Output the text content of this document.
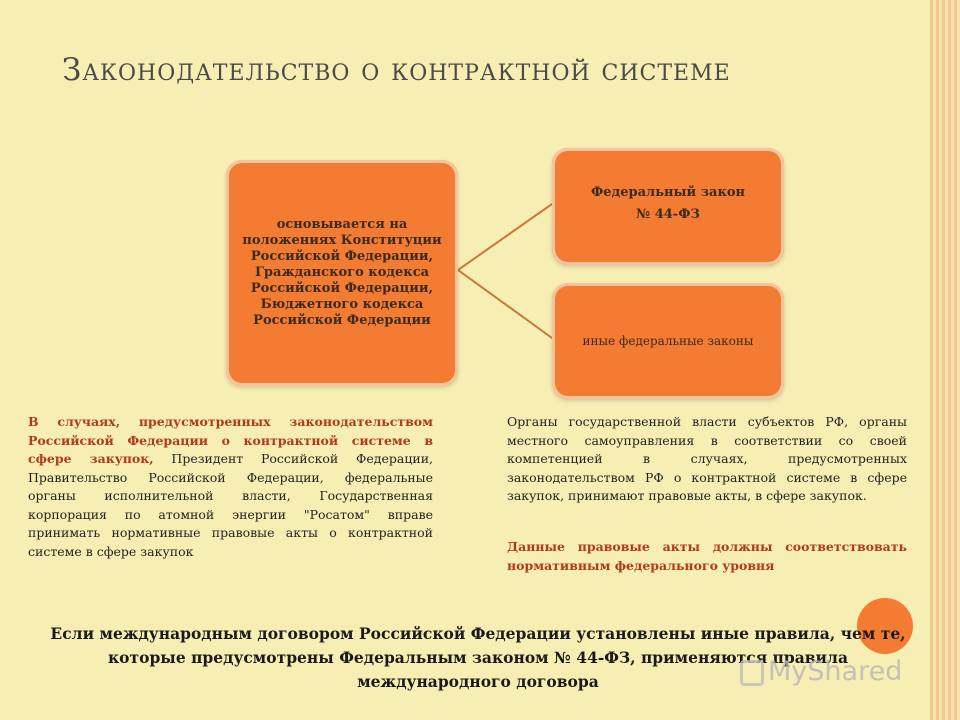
Законодательство о контрактной системе
основывается на положениях Конституции Российской Федерации, Гражданского кодекса Российской Федерации, Бюджетного кодекса Российской Федерации
Федеральный закон
№ 44-ФЗ
иные федеральные законы

В случаях, предусмотренных законодательством Российской Федерации о контрактной системе в сфере закупок, Президент Российской Федерации, Правительство Российской Федерации, федеральные органы исполнительной власти, Государственная корпорация по атомной энергии "Росатом" вправе принимать нормативные правовые акты о контрактной системе в сфере закупок

Органы государственной власти субъектов РФ, органы местного самоуправления в соответствии со своей компетенцией в случаях, предусмотренных законодательством РФ о контрактной системе в сфере закупок, принимают правовые акты, в сфере закупок.

Данные правовые акты должны соответствовать нормативным федерального уровня

Если международным договором Российской Федерации установлены иные правила, чем те, которые предусмотрены Федеральным законом № 44-ФЗ, применяются правила международного договора	MyShared
